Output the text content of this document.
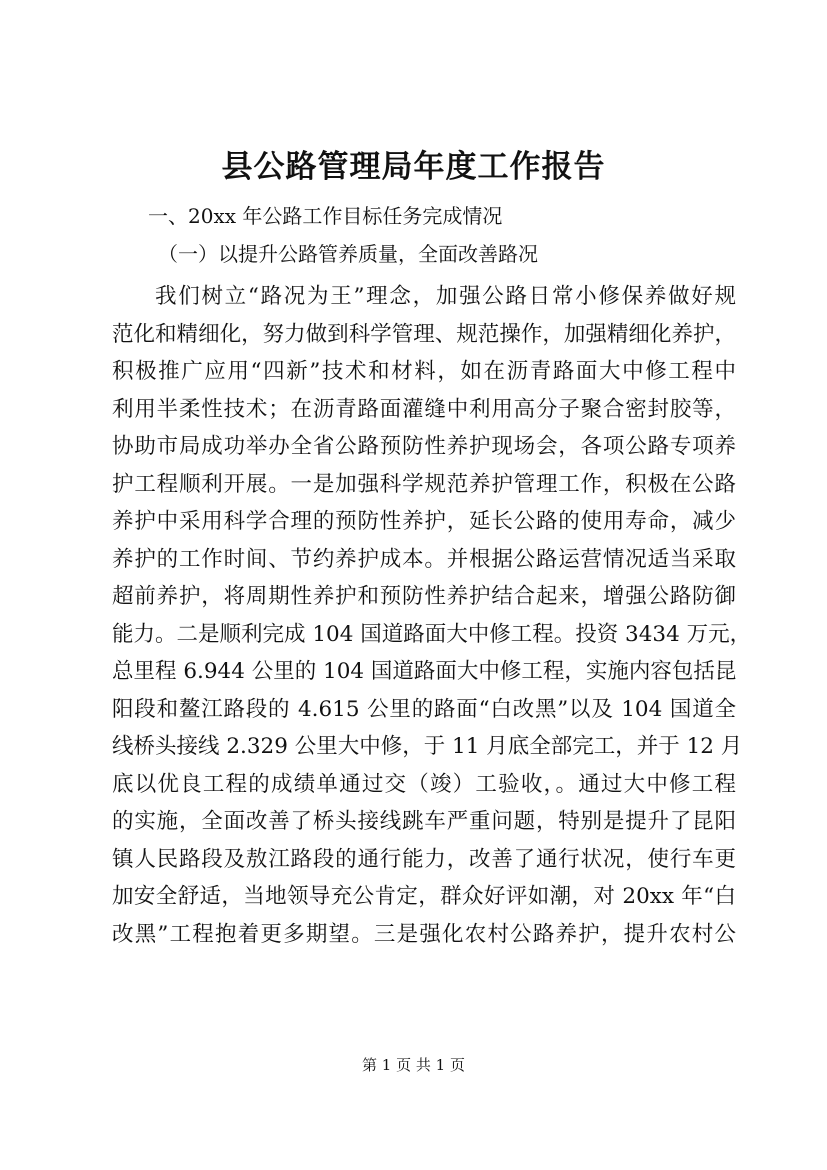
县公路管理局年度工作报告

一、20xx 年公路工作目标任务完成情况

（一）以提升公路管养质量，全面改善路况

我们树立“路况为王”理念，加强公路日常小修保养做好规
范化和精细化，努力做到科学管理、规范操作，加强精细化养护，
积极推广应用“四新”技术和材料，如在沥青路面大中修工程中
利用半柔性技术；在沥青路面灌缝中利用高分子聚合密封胶等，
协助市局成功举办全省公路预防性养护现场会，各项公路专项养
护工程顺利开展。一是加强科学规范养护管理工作，积极在公路
养护中采用科学合理的预防性养护，延长公路的使用寿命，减少
养护的工作时间、节约养护成本。并根据公路运营情况适当采取
超前养护，将周期性养护和预防性养护结合起来，增强公路防御
能力。二是顺利完成 104 国道路面大中修工程。投资 3434 万元，
总里程 6.944 公里的 104 国道路面大中修工程，实施内容包括昆
阳段和鳌江路段的 4.615 公里的路面“白改黑”以及 104 国道全
线桥头接线 2.329 公里大中修，于 11 月底全部完工，并于 12 月
底以优良工程的成绩单通过交（竣）工验收，。通过大中修工程
的实施，全面改善了桥头接线跳车严重问题，特别是提升了昆阳
镇人民路段及敖江路段的通行能力，改善了通行状况，使行车更
加安全舒适，当地领导充公肯定，群众好评如潮，对 20xx 年“白
改黑”工程抱着更多期望。三是强化农村公路养护，提升农村公

第 1 页 共 1 页
